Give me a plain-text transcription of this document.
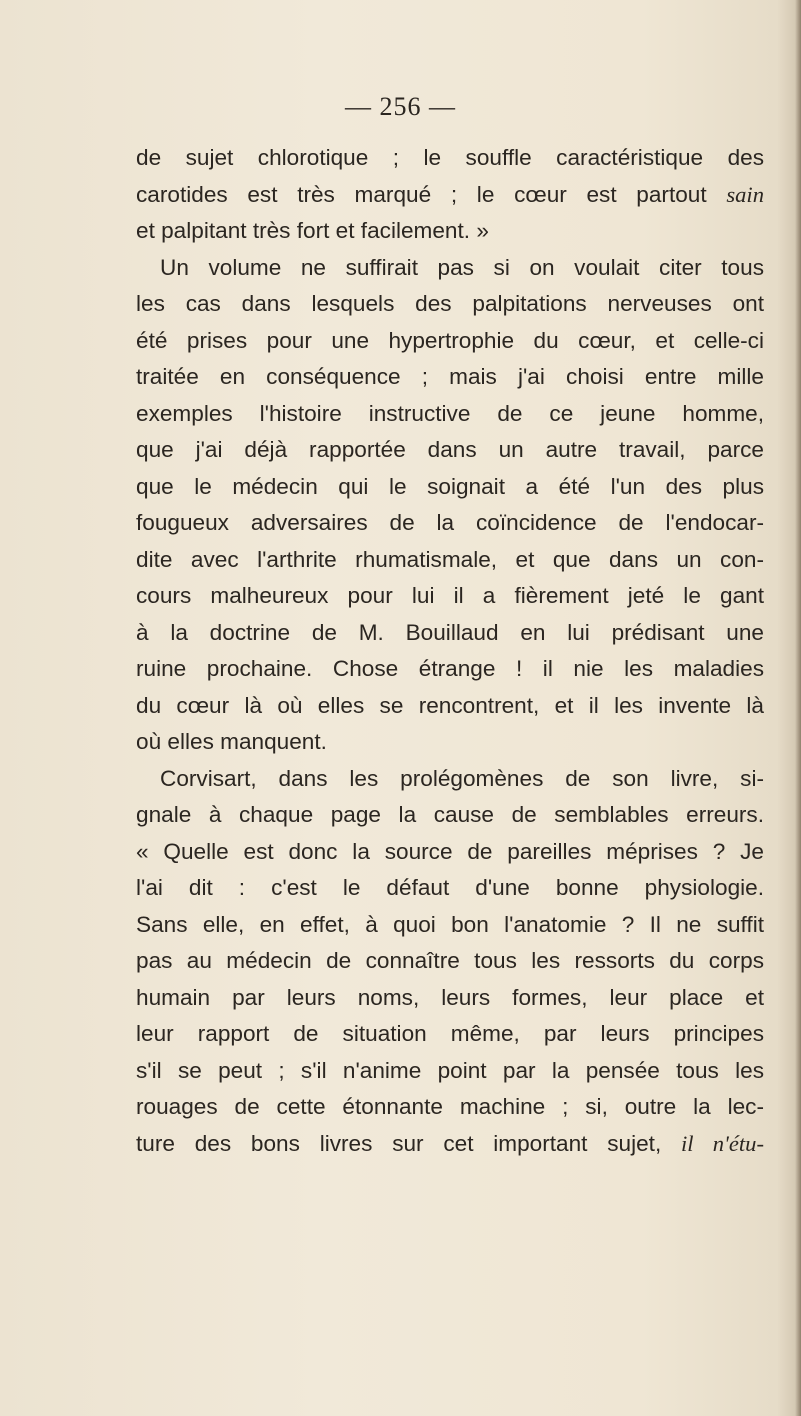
— 256 —
de sujet chlorotique ; le souffle caractéristique des
carotides est très marqué ; le cœur est partout sain
et palpitant très fort et facilement. »
Un volume ne suffirait pas si on voulait citer tous
les cas dans lesquels des palpitations nerveuses ont
été prises pour une hypertrophie du cœur, et celle-ci
traitée en conséquence ; mais j'ai choisi entre mille
exemples l'histoire instructive de ce jeune homme,
que j'ai déjà rapportée dans un autre travail, parce
que le médecin qui le soignait a été l'un des plus
fougueux adversaires de la coïncidence de l'endocar-
dite avec l'arthrite rhumatismale, et que dans un con-
cours malheureux pour lui il a fièrement jeté le gant
à la doctrine de M. Bouillaud en lui prédisant une
ruine prochaine. Chose étrange ! il nie les maladies
du cœur là où elles se rencontrent, et il les invente là
où elles manquent.
Corvisart, dans les prolégomènes de son livre, si-
gnale à chaque page la cause de semblables erreurs.
« Quelle est donc la source de pareilles méprises ? Je
l'ai dit : c'est le défaut d'une bonne physiologie.
Sans elle, en effet, à quoi bon l'anatomie ? Il ne suffit
pas au médecin de connaître tous les ressorts du corps
humain par leurs noms, leurs formes, leur place et
leur rapport de situation même, par leurs principes
s'il se peut ; s'il n'anime point par la pensée tous les
rouages de cette étonnante machine ; si, outre la lec-
ture des bons livres sur cet important sujet, il n'étu-
